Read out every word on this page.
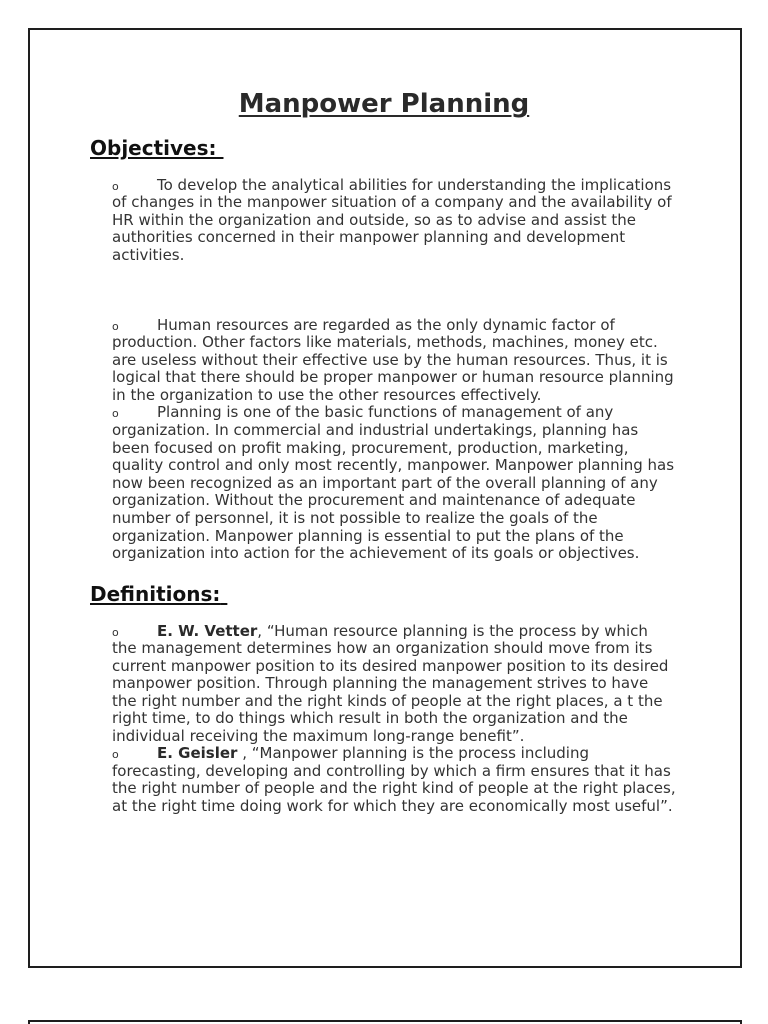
Manpower Planning
Objectives:
o	To develop the analytical abilities for understanding the implications
of changes in the manpower situation of a company and the availability of
HR within the organization and outside, so as to advise and assist the
authorities concerned in their manpower planning and development
activities.
o	Human resources are regarded as the only dynamic factor of
production. Other factors like materials, methods, machines, money etc.
are useless without their effective use by the human resources. Thus, it is
logical that there should be proper manpower or human resource planning
in the organization to use the other resources effectively.
o	Planning is one of the basic functions of management of any
organization. In commercial and industrial undertakings, planning has
been focused on profit making, procurement, production, marketing,
quality control and only most recently, manpower. Manpower planning has
now been recognized as an important part of the overall planning of any
organization. Without the procurement and maintenance of adequate
number of personnel, it is not possible to realize the goals of the
organization. Manpower planning is essential to put the plans of the
organization into action for the achievement of its goals or objectives.
Definitions:
o	E. W. Vetter, “Human resource planning is the process by which
the management determines how an organization should move from its
current manpower position to its desired manpower position to its desired
manpower position. Through planning the management strives to have
the right number and the right kinds of people at the right places, a t the
right time, to do things which result in both the organization and the
individual receiving the maximum long-range benefit”.
o	E. Geisler , “Manpower planning is the process including
forecasting, developing and controlling by which a firm ensures that it has
the right number of people and the right kind of people at the right places,
at the right time doing work for which they are economically most useful”.
